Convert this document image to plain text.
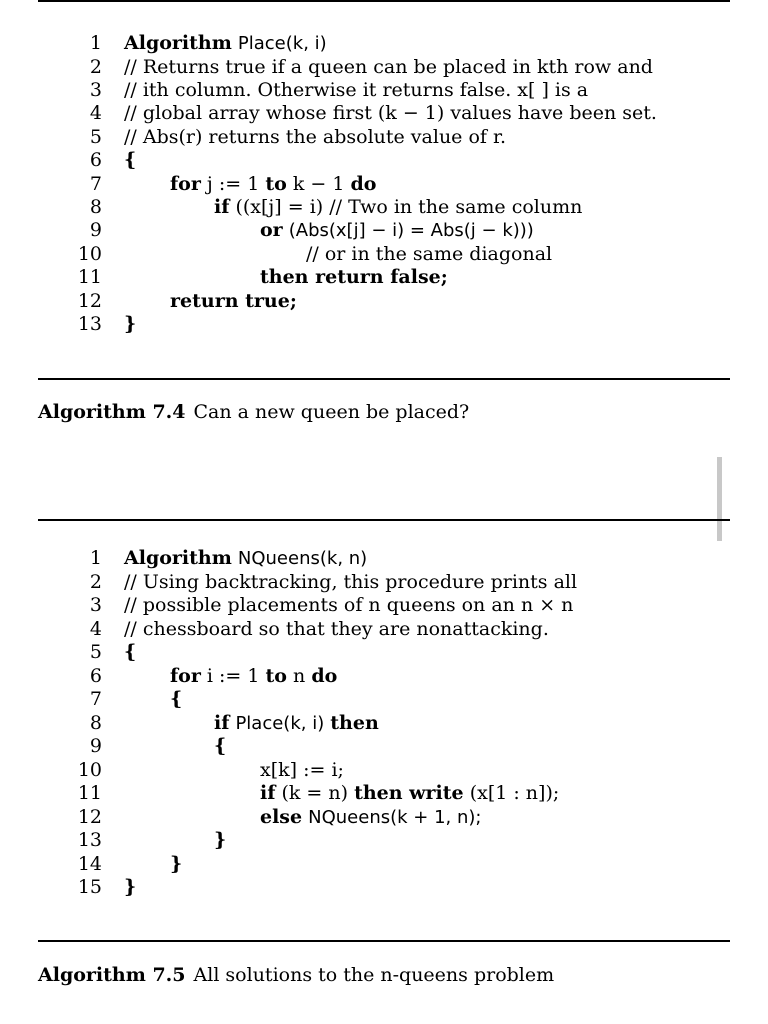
1 Algorithm Place(k, i)
2 // Returns true if a queen can be placed in kth row and
3 // ith column. Otherwise it returns false. x[ ] is a
4 // global array whose first (k − 1) values have been set.
5 // Abs(r) returns the absolute value of r.
6 {
7	for j := 1 to k − 1 do
8	if ((x[j] = i) // Two in the same column
9	or (Abs(x[j] − i) = Abs(j − k)))
10	// or in the same diagonal
11	then return false;
12	return true;
13 }
Algorithm 7.4 Can a new queen be placed?
1 Algorithm NQueens(k, n)
2 // Using backtracking, this procedure prints all
3 // possible placements of n queens on an n × n
4 // chessboard so that they are nonattacking.
5 {
6	for i := 1 to n do
7	{
8	if Place(k, i) then
9	{
10	x[k] := i;
11	if (k = n) then write (x[1 : n]);
12	else NQueens(k + 1, n);
13	}
14	}
15 }
Algorithm 7.5 All solutions to the n-queens problem
